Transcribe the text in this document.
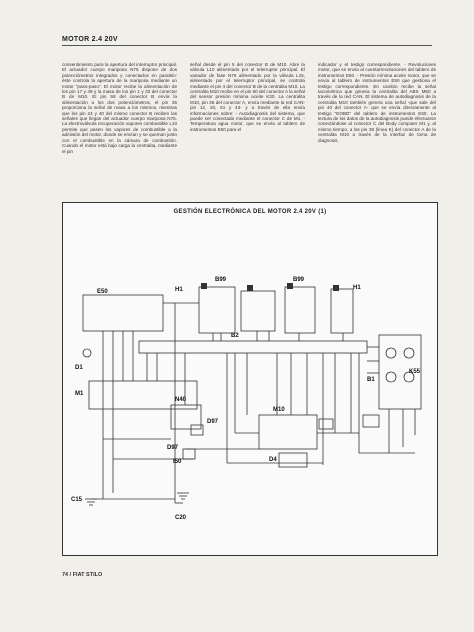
MOTOR 2.4 20V

consentimiento para la apertura del interruptor principal. El actuador cuerpo mariposa N75 dispone de dos potenciómetros integrados y conectados en paralelo: éste controla la apertura de la mariposa mediante un motor "paso-paso". El motor recibe la alimentación de los pin 17 y 49 y la masa de los pin 1 y 33 del conector B de M10. El pin 58 del conector B envía la alimentación a los dos potenciómetros, el pin 35 proporciona la señal de masa a los mismos, mientras que los pin 24 y 40 del mismo conector B reciben las señales que llegan del actuador cuerpo mariposa N75. La electroválvula recuperación vapores combustible L10 permite que pasen los vapores de combustible a la admisión del motor, donde se envían y se queman junto con el combustible en la cámara de combustión. Cuando el motor está bajo carga la centralita, mediante el pin

señal desde el pin 5 del conector B de M10. Abre la válvula L10 alimentado por el telerruptor principal. El variador de fase N76 alimentado por la válvula L15, alimentado por el telerruptor principal, se controla mediante el pin 4 del conector B de la centralita M10. La centralita M10 recibe en el pin 60 del conector A la señal del sensor presión mínima aceite K30. La centralita M10, pin 36 del conector A, envía mediante la red CAN-pin 12, 20, 61 y 43- y a través de ella envía informaciones sobre: - Autodiagnosis del sistema, que puede ser conectada mediante el conector C de M1. - Temperatura agua motor, que se envía al tablero de instrumentos E50 para el

indicador y el testigo correspondiente. - Revoluciones motor, que se envía al cuentarrevoluciones del tablero de instrumentos E50. - Presión mínima aceite motor, que se envía al tablero de instrumentos E50 que gestiona el testigo correspondiente. En cambio recibe la señal tacométrica que genera la centralita del ABS M50 a través de la red CAN. El sistema de autodiagnosis de la centralita M10 también genera una señal -que sale del pin 40 del conector A- que se envía directamente al testigo "EOBD" del tablero de instrumentos E50. La lectura de los datos de la autodiagnosis puede efectuarse conectándose al conector C del Body computer M1 y, al mismo tiempo, a los pin 38 (línea K) del conector A de la centralita M10 a través de la interfaz de toma de diagnosis.

GESTIÓN ELECTRÓNICA DEL MOTOR 2.4 20V (1)
E50	H1
B99	B99
H1
D1
B2
M1
N40
D97
D97
M10
B1
K55
I50	D4
C15
C20
74 / FIAT STILO
